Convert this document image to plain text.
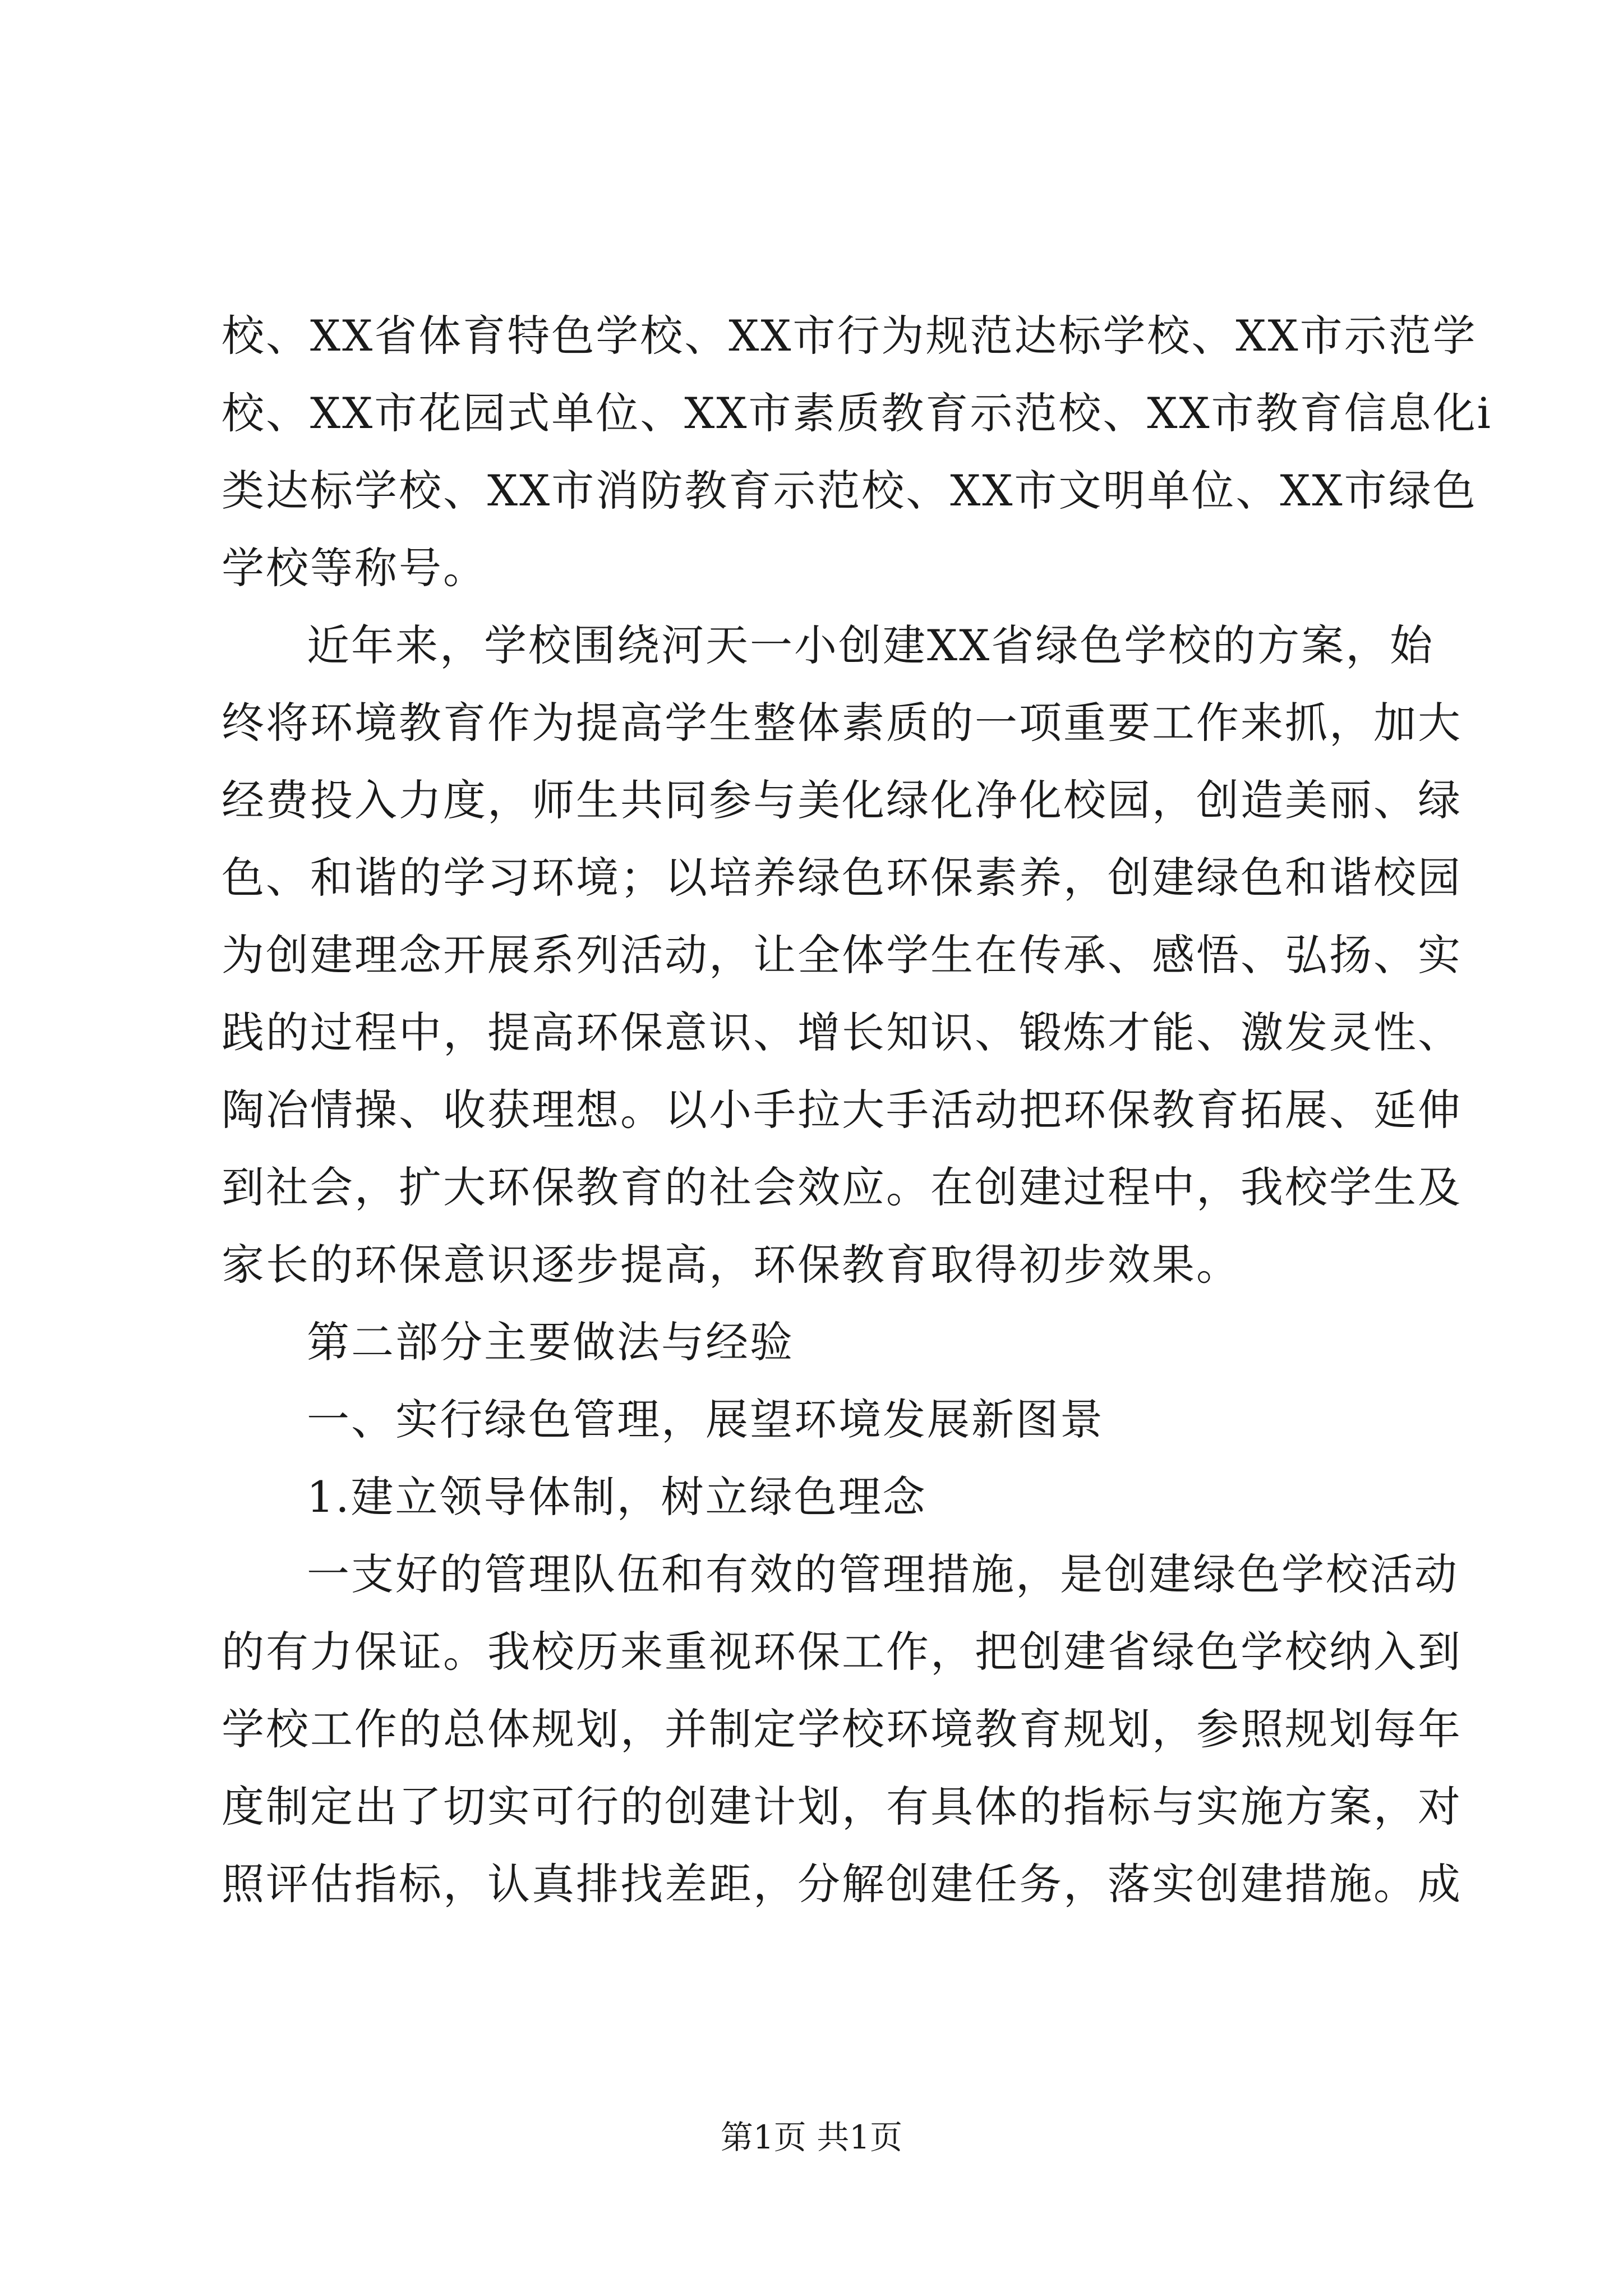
校、XX省体育特色学校、XX市行为规范达标学校、XX市示范学
校、XX市花园式单位、XX市素质教育示范校、XX市教育信息化ⅰ
类达标学校、XX市消防教育示范校、XX市文明单位、XX市绿色
学校等称号。
近年来，学校围绕河天一小创建XX省绿色学校的方案，始
终将环境教育作为提高学生整体素质的一项重要工作来抓，加大
经费投入力度，师生共同参与美化绿化净化校园，创造美丽、绿
色、和谐的学习环境；以培养绿色环保素养，创建绿色和谐校园
为创建理念开展系列活动，让全体学生在传承、感悟、弘扬、实
践的过程中，提高环保意识、增长知识、锻炼才能、激发灵性、
陶冶情操、收获理想。以小手拉大手活动把环保教育拓展、延伸
到社会，扩大环保教育的社会效应。在创建过程中，我校学生及
家长的环保意识逐步提高，环保教育取得初步效果。
第二部分主要做法与经验
一、实行绿色管理，展望环境发展新图景
1.建立领导体制，树立绿色理念
一支好的管理队伍和有效的管理措施，是创建绿色学校活动
的有力保证。我校历来重视环保工作，把创建省绿色学校纳入到
学校工作的总体规划，并制定学校环境教育规划，参照规划每年
度制定出了切实可行的创建计划，有具体的指标与实施方案，对
照评估指标，认真排找差距，分解创建任务，落实创建措施。成
第1页 共1页
